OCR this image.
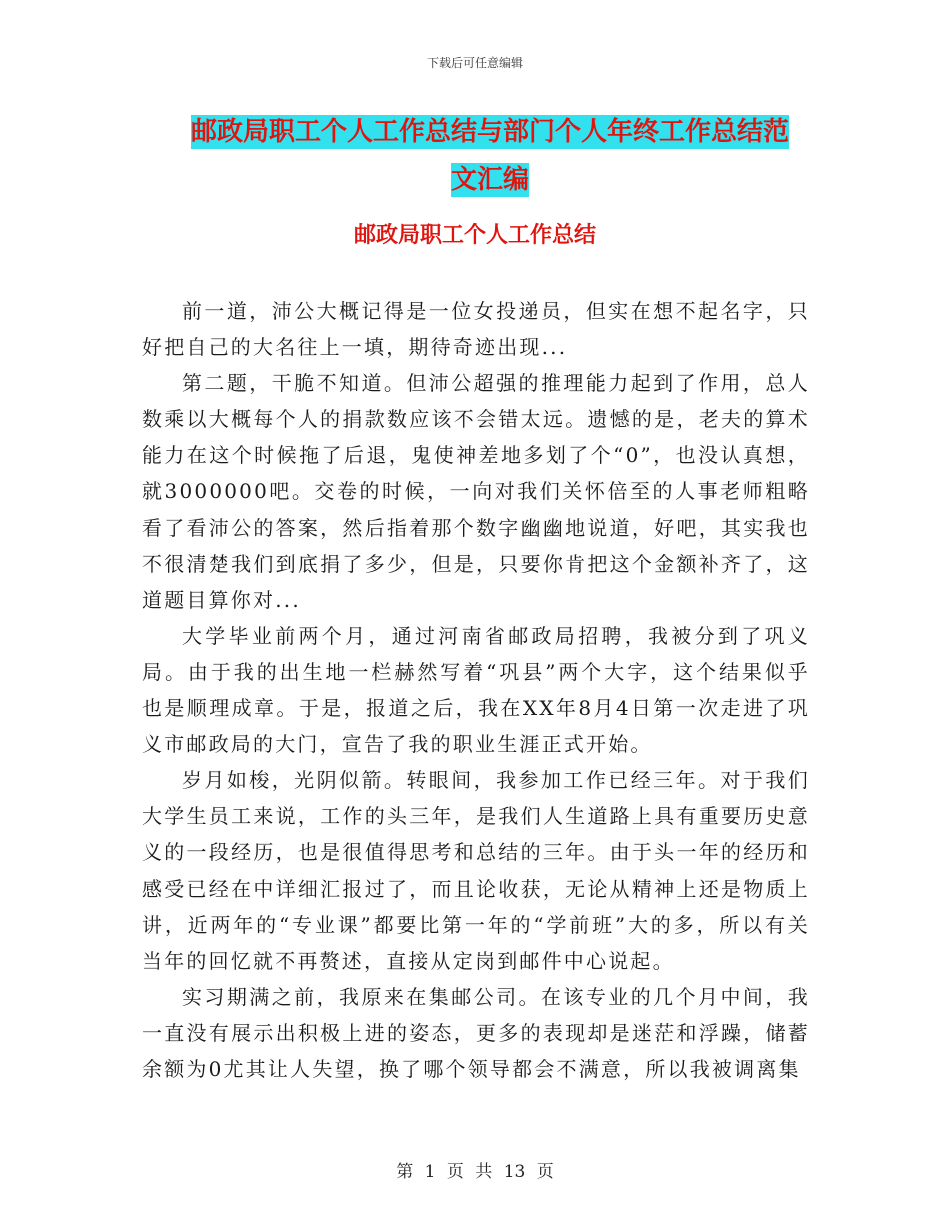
下载后可任意编辑
邮政局职工个人工作总结与部门个人年终工作总结范
文汇编
邮政局职工个人工作总结

前一道，沛公大概记得是一位女投递员，但实在想不起名字，只好把自己的大名往上一填，期待奇迹出现...

第二题，干脆不知道。但沛公超强的推理能力起到了作用，总人数乘以大概每个人的捐款数应该不会错太远。遗憾的是，老夫的算术能力在这个时候拖了后退，鬼使神差地多划了个“0”，也没认真想，就3000000吧。交卷的时候，一向对我们关怀倍至的人事老师粗略看了看沛公的答案，然后指着那个数字幽幽地说道，好吧，其实我也不很清楚我们到底捐了多少，但是，只要你肯把这个金额补齐了，这道题目算你对...

大学毕业前两个月，通过河南省邮政局招聘，我被分到了巩义局。由于我的出生地一栏赫然写着“巩县”两个大字，这个结果似乎也是顺理成章。于是，报道之后，我在XX年8月4日第一次走进了巩义市邮政局的大门，宣告了我的职业生涯正式开始。

岁月如梭，光阴似箭。转眼间，我参加工作已经三年。对于我们大学生员工来说，工作的头三年，是我们人生道路上具有重要历史意义的一段经历，也是很值得思考和总结的三年。由于头一年的经历和感受已经在中详细汇报过了，而且论收获，无论从精神上还是物质上讲，近两年的“专业课”都要比第一年的“学前班”大的多，所以有关当年的回忆就不再赘述，直接从定岗到邮件中心说起。

实习期满之前，我原来在集邮公司。在该专业的几个月中间，我一直没有展示出积极上进的姿态，更多的表现却是迷茫和浮躁，储蓄余额为0尤其让人失望，换了哪个领导都会不满意，所以我被调离集

第 1 页 共 13 页
